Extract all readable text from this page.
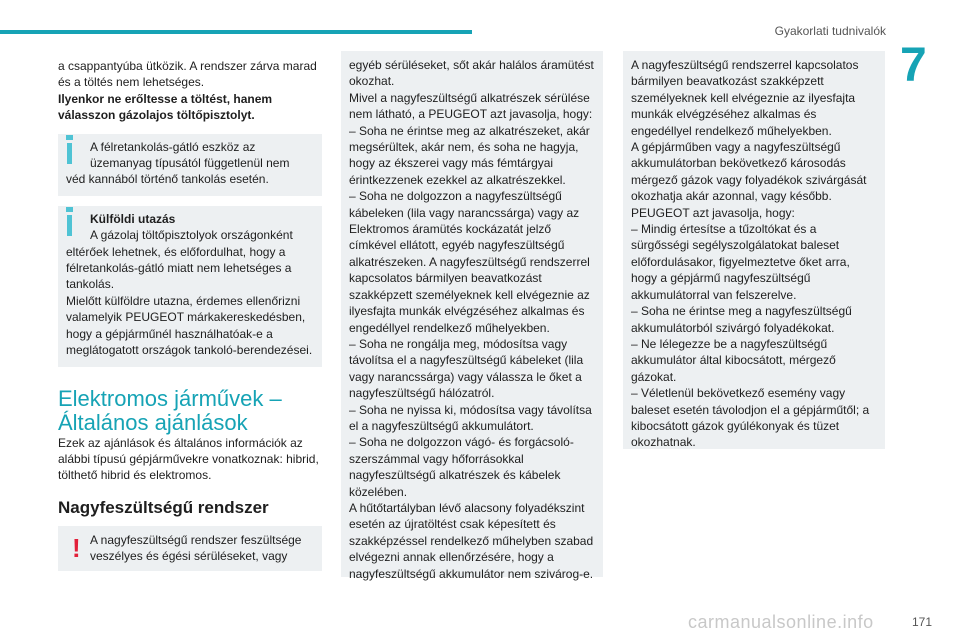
Gyakorlati tudnivalók
7

a csappantyúba ütközik. A rendszer zárva marad és a töltés nem lehetséges.

Ilyenkor ne erőltesse a töltést, hanem válasszon gázolajos töltőpisztolyt.

A félretankolás-gátló eszköz az üzemanyag típusától függetlenül nem

véd kannából történő tankolás esetén.

Külföldi utazás

A gázolaj töltőpisztolyok országonként

eltérőek lehetnek, és előfordulhat, hogy a félretankolás-gátló miatt nem lehetséges a tankolás.

Mielőtt külföldre utazna, érdemes ellenőrizni valamelyik PEUGEOT márkakereskedésben, hogy a gépjárműnél használhatóak-e a meglátogatott országok tankoló-berendezései.

Elektromos járművek – Általános ajánlások

Ezek az ajánlások és általános információk az alábbi típusú gépjárművekre vonatkoznak: hibrid, tölthető hibrid és elektromos.

Nagyfeszültségű rendszer
! A nagyfeszültségű rendszer feszültsége veszélyes és égési sérüléseket, vagy

egyéb sérüléseket, sőt akár halálos áramütést okozhat.

Mivel a nagyfeszültségű alkatrészek sérülése nem látható, a PEUGEOT azt javasolja, hogy:

– Soha ne érintse meg az alkatrészeket, akár megsérültek, akár nem, és soha ne hagyja, hogy az ékszerei vagy más fémtárgyai érintkezzenek ezekkel az alkatrészekkel.

– Soha ne dolgozzon a nagyfeszültségű kábeleken (lila vagy narancssárga) vagy az Elektromos áramütés kockázatát jelző címkével ellátott, egyéb nagyfeszültségű alkatrészeken. A nagyfeszültségű rendszerrel kapcsolatos bármilyen beavatkozást szakképzett személyeknek kell elvégeznie az ilyesfajta munkák elvégzéséhez alkalmas és engedéllyel rendelkező műhelyekben.

– Soha ne rongálja meg, módosítsa vagy távolítsa el a nagyfeszültségű kábeleket (lila vagy narancssárga) vagy válassza le őket a nagyfeszültségű hálózatról.

– Soha ne nyissa ki, módosítsa vagy távolítsa el a nagyfeszültségű akkumulátort.

– Soha ne dolgozzon vágó- és forgácsoló-szerszámmal vagy hőforrásokkal nagyfeszültségű alkatrészek és kábelek közelében.

A hűtőtartályban lévő alacsony folyadékszint esetén az újratöltést csak képesített és szakképzéssel rendelkező műhelyben szabad elvégezni annak ellenőrzésére, hogy a nagyfeszültségű akkumulátor nem szivárog-e.

A nagyfeszültségű rendszerrel kapcsolatos bármilyen beavatkozást szakképzett személyeknek kell elvégeznie az ilyesfajta munkák elvégzéséhez alkalmas és engedéllyel rendelkező műhelyekben.

A gépjárműben vagy a nagyfeszültségű akkumulátorban bekövetkező károsodás mérgező gázok vagy folyadékok szivárgását okozhatja akár azonnal, vagy később.

PEUGEOT azt javasolja, hogy:

– Mindig értesítse a tűzoltókat és a sürgősségi segélyszolgálatokat baleset előfordulásakor, figyelmeztetve őket arra, hogy a gépjármű nagyfeszültségű akkumulátorral van felszerelve.

– Soha ne érintse meg a nagyfeszültségű akkumulátorból szivárgó folyadékokat.

– Ne lélegezze be a nagyfeszültségű akkumulátor által kibocsátott, mérgező gázokat.

– Véletlenül bekövetkező esemény vagy baleset esetén távolodjon el a gépjárműtől; a kibocsátott gázok gyúlékonyak és tüzet okozhatnak.

carmanualsonline.info	171
